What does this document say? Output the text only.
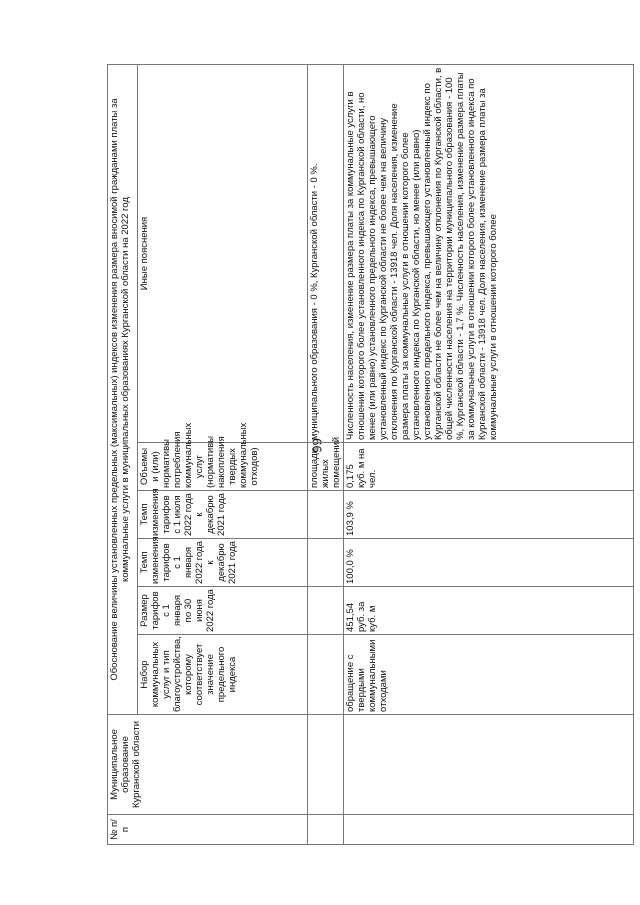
99
№ п/п	Муниципальное образование Курганской области	Обоснование величины установленных предельных (максимальных) индексов изменения размера вносимой гражданами платы за коммунальные услуги в муниципальных образованиях Курганской области на 2022 год					
		Набор коммунальных услуг и тип благоустройства, которому соответствует значение предельного индекса	Размер тарифов с 1 января по 30 июня 2022 года	Темп изменения тарифов с 1 января 2022 года к декабрю 2021 года	Темп изменения тарифов с 1 июля 2022 года к декабрю 2021 года	Объемы и (или) нормативы потребления коммунальных услуг (нормативы накопления твердых коммунальных отходов)	Иные пояснения
						площади жилых помещений	муниципального образования - 0 %, Курганской области - 0 %.
		обращение с твердыми коммунальными отходами	451,54 руб. за куб. м	100,0 %	103,9 %	0,175 куб. м на чел.	Численность населения, изменение размера платы за коммунальные услуги в отношении которого более установленного индекса по Курганской области, но менее (или равно) установленного предельного индекса, превышающего установленный индекс по Курганской области не более чем на величину отклонения по Курганской области - 13918 чел. Доля населения, изменение размера платы за коммунальные услуги в отношении которого более установленного индекса по Курганской области, но менее (или равно) установленного предельного индекса, превышающего установленный индекс по Курганской области не более чем на величину отклонения по Курганской области, в общей численности населения на территории муниципального образования - 100 %, Курганской области - 1,7 %. Численность населения, изменение размера платы за коммунальные услуги в отношении которого более установленного индекса по Курганской области - 13918 чел. Доля населения, изменение размера платы за коммунальные услуги в отношении которого более
